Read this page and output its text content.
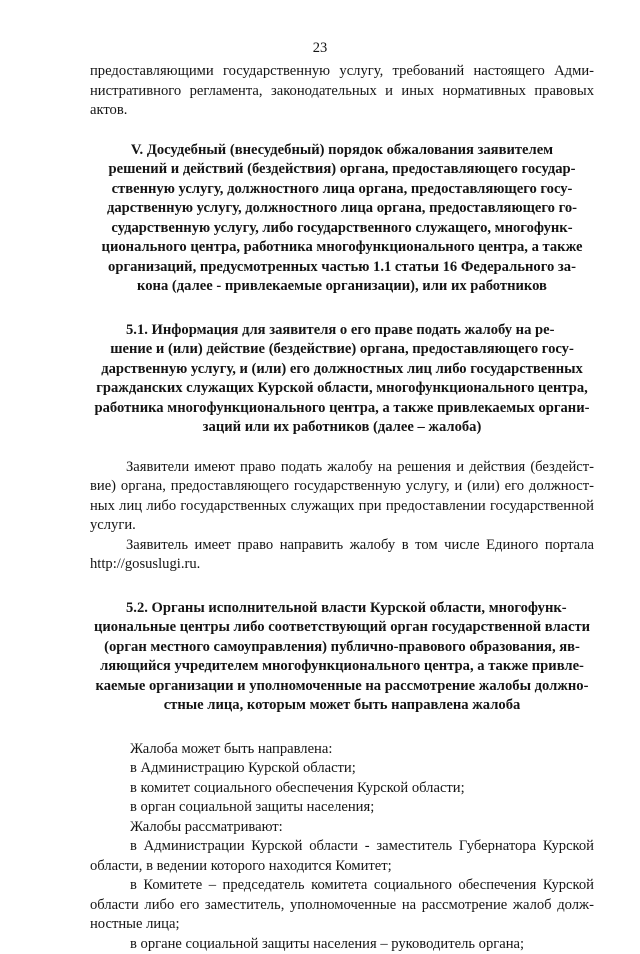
23
предоставляющими государственную услугу, требований настоящего Адми-
нистративного регламента, законодательных и иных нормативных правовых
актов.
V. Досудебный (внесудебный) порядок обжалования заявителем
решений и действий (бездействия) органа, предоставляющего государ-
ственную услугу, должностного лица органа, предоставляющего госу-
дарственную услугу, должностного лица органа, предоставляющего го-
сударственную услугу, либо государственного служащего, многофунк-
ционального центра, работника многофункционального центра, а также
организаций, предусмотренных частью 1.1 статьи 16 Федерального за-
кона (далее - привлекаемые организации), или их работников
5.1. Информация для заявителя о его праве подать жалобу на ре-
шение и (или) действие (бездействие) органа, предоставляющего госу-
дарственную услугу, и (или) его должностных лиц либо государственных
гражданских служащих Курской области, многофункционального центра,
работника многофункционального центра, а также привлекаемых органи-
заций или их работников (далее – жалоба)
Заявители имеют право подать жалобу на решения и действия (бездейст-
вие) органа, предоставляющего государственную услугу, и (или) его должност-
ных лиц либо государственных служащих при предоставлении государственной
услуги.
Заявитель имеет право направить жалобу в том числе Единого портала
http://gosuslugi.ru.
5.2. Органы исполнительной власти Курской области, многофунк-
циональные центры либо соответствующий орган государственной власти
(орган местного самоуправления) публично-правового образования, яв-
ляющийся учредителем многофункционального центра, а также привле-
каемые организации и уполномоченные на рассмотрение жалобы должно-
стные лица, которым может быть направлена жалоба
Жалоба может быть направлена:
в Администрацию Курской области;
в комитет социального обеспечения Курской области;
в орган социальной защиты населения;
Жалобы рассматривают:
в Администрации Курской области - заместитель Губернатора Курской
области, в ведении которого находится Комитет;
в Комитете – председатель комитета социального обеспечения Курской
области либо его заместитель, уполномоченные на рассмотрение жалоб долж-
ностные лица;
в органе социальной защиты населения – руководитель органа;
